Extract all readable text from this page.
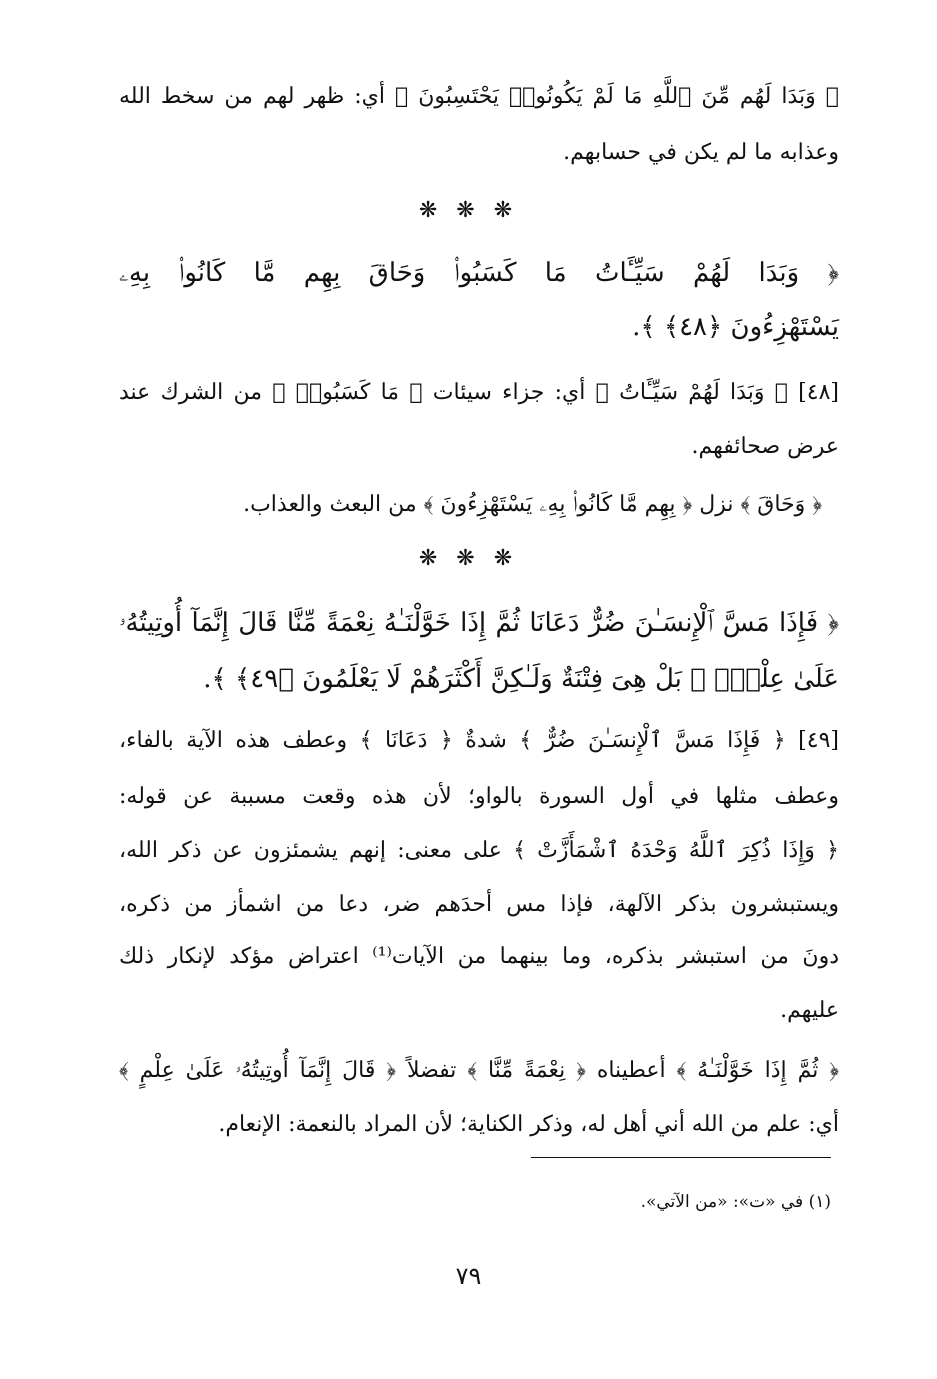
﴿ وَبَدَا لَهُم مِّنَ ٱللَّهِ مَا لَمْ يَكُونُوا۟ يَحْتَسِبُونَ ﴾ أي: ظهر لهم من سخط الله
وعذابه ما لم يكن في حسابهم.
❋ ❋ ❋
﴿ وَبَدَا لَهُمْ سَيِّـَٔاتُ مَا كَسَبُوا۟ وَحَاقَ بِهِم مَّا كَانُوا۟ بِهِۦ
يَسْتَهْزِءُونَ ﴿٤٨﴾ ﴾.
[٤٨] ﴿ وَبَدَا لَهُمْ سَيِّـَٔاتُ ﴾ أي: جزاء سيئات ﴿ مَا كَسَبُوا۟ ﴾ من الشرك عند
عرض صحائفهم.
﴿ وَحَاقَ ﴾ نزل ﴿ بِهِم مَّا كَانُوا۟ بِهِۦ يَسْتَهْزِءُونَ ﴾ من البعث والعذاب.
❋ ❋ ❋
﴿ فَإِذَا مَسَّ ٱلْإِنسَـٰنَ ضُرٌّ دَعَانَا ثُمَّ إِذَا خَوَّلْنَـٰهُ نِعْمَةً مِّنَّا قَالَ إِنَّمَآ أُوتِيتُهُۥ
عَلَىٰ عِلْمٍۭ ۚ بَلْ هِىَ فِتْنَةٌ وَلَـٰكِنَّ أَكْثَرَهُمْ لَا يَعْلَمُونَ ﴿٤٩﴾ ﴾.
[٤٩] ﴿ فَإِذَا مَسَّ ٱلْإِنسَـٰنَ ضُرٌّ ﴾ شدةٌ ﴿ دَعَانَا ﴾ وعطف هذه الآية بالفاء،
وعطف مثلها في أول السورة بالواو؛ لأن هذه وقعت مسببة عن قوله:
﴿ وَإِذَا ذُكِرَ ٱللَّهُ وَحْدَهُ ٱشْمَأَزَّتْ ﴾ على معنى: إنهم يشمئزون عن ذكر الله،
ويستبشرون بذكر الآلهة، فإذا مس أحدَهم ضر، دعا من اشمأز من ذكره،
دونَ من استبشر بذكره، وما بينهما من الآيات⁽¹⁾ اعتراض مؤكد لإنكار ذلك
عليهم.
﴿ ثُمَّ إِذَا خَوَّلْنَـٰهُ ﴾ أعطيناه ﴿ نِعْمَةً مِّنَّا ﴾ تفضلاً ﴿ قَالَ إِنَّمَآ أُوتِيتُهُۥ عَلَىٰ عِلْمٍ ﴾
أي: علم من الله أني أهل له، وذكر الكناية؛ لأن المراد بالنعمة: الإنعام.
(١) في «ت»: «من الآتي».
٧٩
